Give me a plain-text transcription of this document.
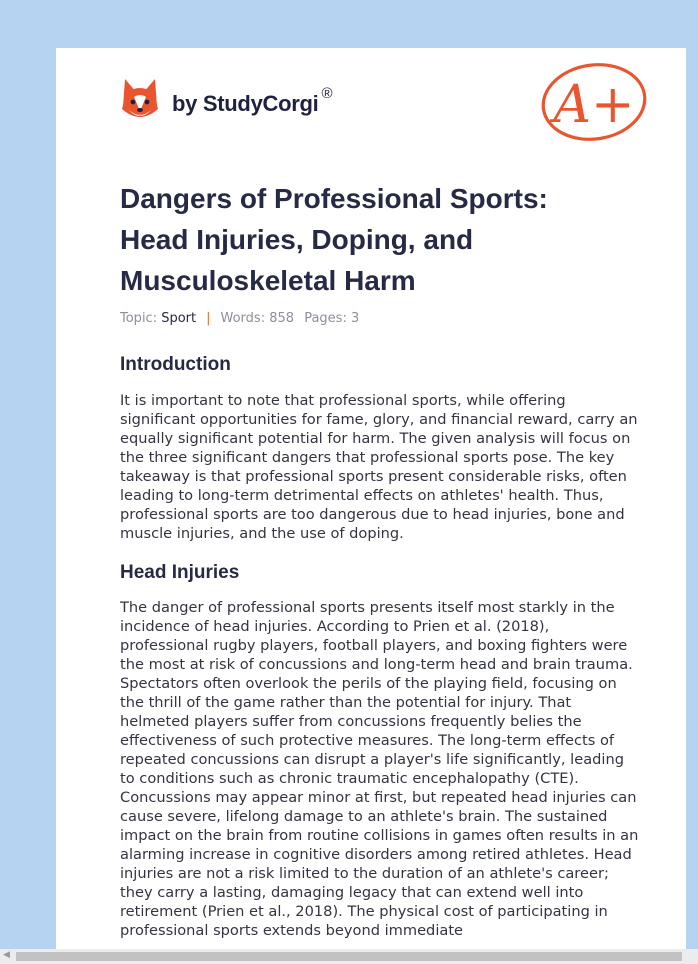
by StudyCorgi ®	A+
Dangers of Professional Sports: Head Injuries, Doping, and Musculoskeletal Harm
Topic: Sport | Words: 858 Pages: 3
Introduction

It is important to note that professional sports, while offering significant opportunities for fame, glory, and financial reward, carry an equally significant potential for harm. The given analysis will focus on the three significant dangers that professional sports pose. The key takeaway is that professional sports present considerable risks, often leading to long-term detrimental effects on athletes' health. Thus, professional sports are too dangerous due to head injuries, bone and muscle injuries, and the use of doping.

Head Injuries

The danger of professional sports presents itself most starkly in the incidence of head injuries. According to Prien et al. (2018), professional rugby players, football players, and boxing fighters were the most at risk of concussions and long-term head and brain trauma. Spectators often overlook the perils of the playing field, focusing on the thrill of the game rather than the potential for injury. That helmeted players suffer from concussions frequently belies the effectiveness of such protective measures. The long-term effects of repeated concussions can disrupt a player's life significantly, leading to conditions such as chronic traumatic encephalopathy (CTE). Concussions may appear minor at first, but repeated head injuries can cause severe, lifelong damage to an athlete's brain. The sustained impact on the brain from routine collisions in games often results in an alarming increase in cognitive disorders among retired athletes. Head injuries are not a risk limited to the duration of an athlete's career; they carry a lasting, damaging legacy that can extend well into retirement (Prien et al., 2018). The physical cost of participating in professional sports extends beyond immediate

◀
